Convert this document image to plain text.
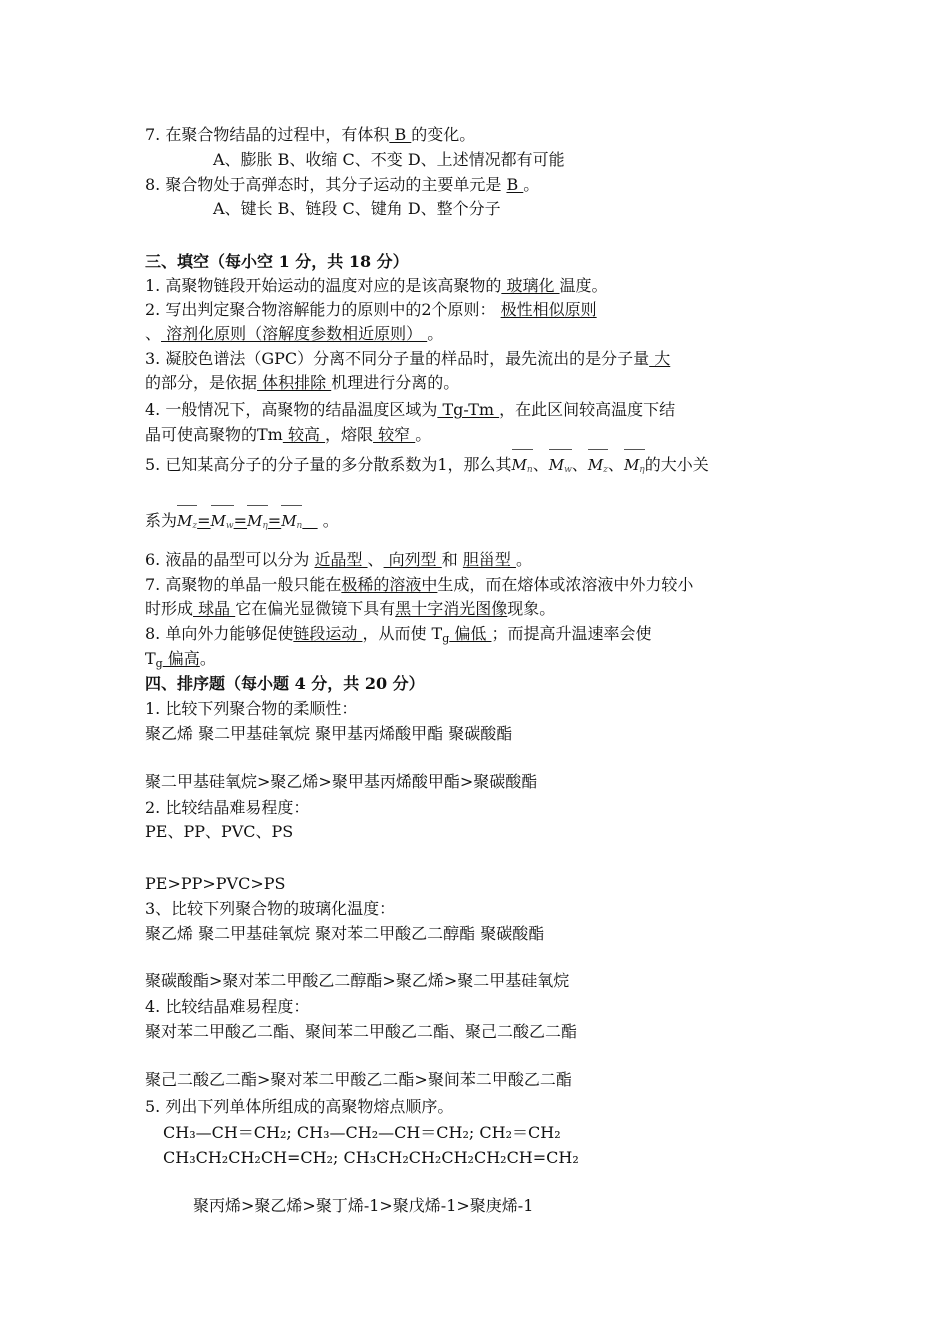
7. 在聚合物结晶的过程中，有体积 B 的变化。
A、膨胀 B、收缩 C、不变 D、上述情况都有可能
8. 聚合物处于高弹态时，其分子运动的主要单元是 B 。
A、键长 B、链段 C、键角 D、整个分子
三、填空（每小空 1 分，共 18 分）
1. 高聚物链段开始运动的温度对应的是该高聚物的 玻璃化 温度。
2. 写出判定聚合物溶解能力的原则中的2个原则： 极性相似原则
、 溶剂化原则（溶解度参数相近原则） 。
3. 凝胶色谱法（GPC）分离不同分子量的样品时，最先流出的是分子量 大
的部分，是依据 体积排除 机理进行分离的。
4. 一般情况下，高聚物的结晶温度区域为 Tg-Tm ，在此区间较高温度下结
晶可使高聚物的Tm 较高 ，熔限 较窄 。
5. 已知某高分子的分子量的多分散系数为1，那么其Mn、Mw、Mz、Mη的大小关
系为Mz=Mw=Mη=Mn    。
6. 液晶的晶型可以分为 近晶型 、 向列型 和 胆甾型 。
7. 高聚物的单晶一般只能在极稀的溶液中生成，而在熔体或浓溶液中外力较小
时形成 球晶 它在偏光显微镜下具有黑十字消光图像现象。
8. 单向外力能够促使链段运动 ，从而使 $T_g$ 偏低 ；而提高升温速率会使
$T_g$ 偏高。
四、排序题（每小题 4 分，共 20 分）
1. 比较下列聚合物的柔顺性：
聚乙烯 聚二甲基硅氧烷 聚甲基丙烯酸甲酯 聚碳酸酯
聚二甲基硅氧烷>聚乙烯>聚甲基丙烯酸甲酯>聚碳酸酯
2. 比较结晶难易程度：
PE、PP、PVC、PS
PE>PP>PVC>PS
3、比较下列聚合物的玻璃化温度：
聚乙烯 聚二甲基硅氧烷 聚对苯二甲酸乙二醇酯 聚碳酸酯
聚碳酸酯>聚对苯二甲酸乙二醇酯>聚乙烯>聚二甲基硅氧烷
4. 比较结晶难易程度：
聚对苯二甲酸乙二酯、聚间苯二甲酸乙二酯、聚己二酸乙二酯
聚己二酸乙二酯>聚对苯二甲酸乙二酯>聚间苯二甲酸乙二酯
5. 列出下列单体所组成的高聚物熔点顺序。
CH₃—CH＝CH₂; CH₃—CH₂—CH＝CH₂; CH₂＝CH₂
CH₃CH₂CH₂CH=CH₂; CH₃CH₂CH₂CH₂CH₂CH=CH₂
聚丙烯>聚乙烯>聚丁烯-1>聚戊烯-1>聚庚烯-1
